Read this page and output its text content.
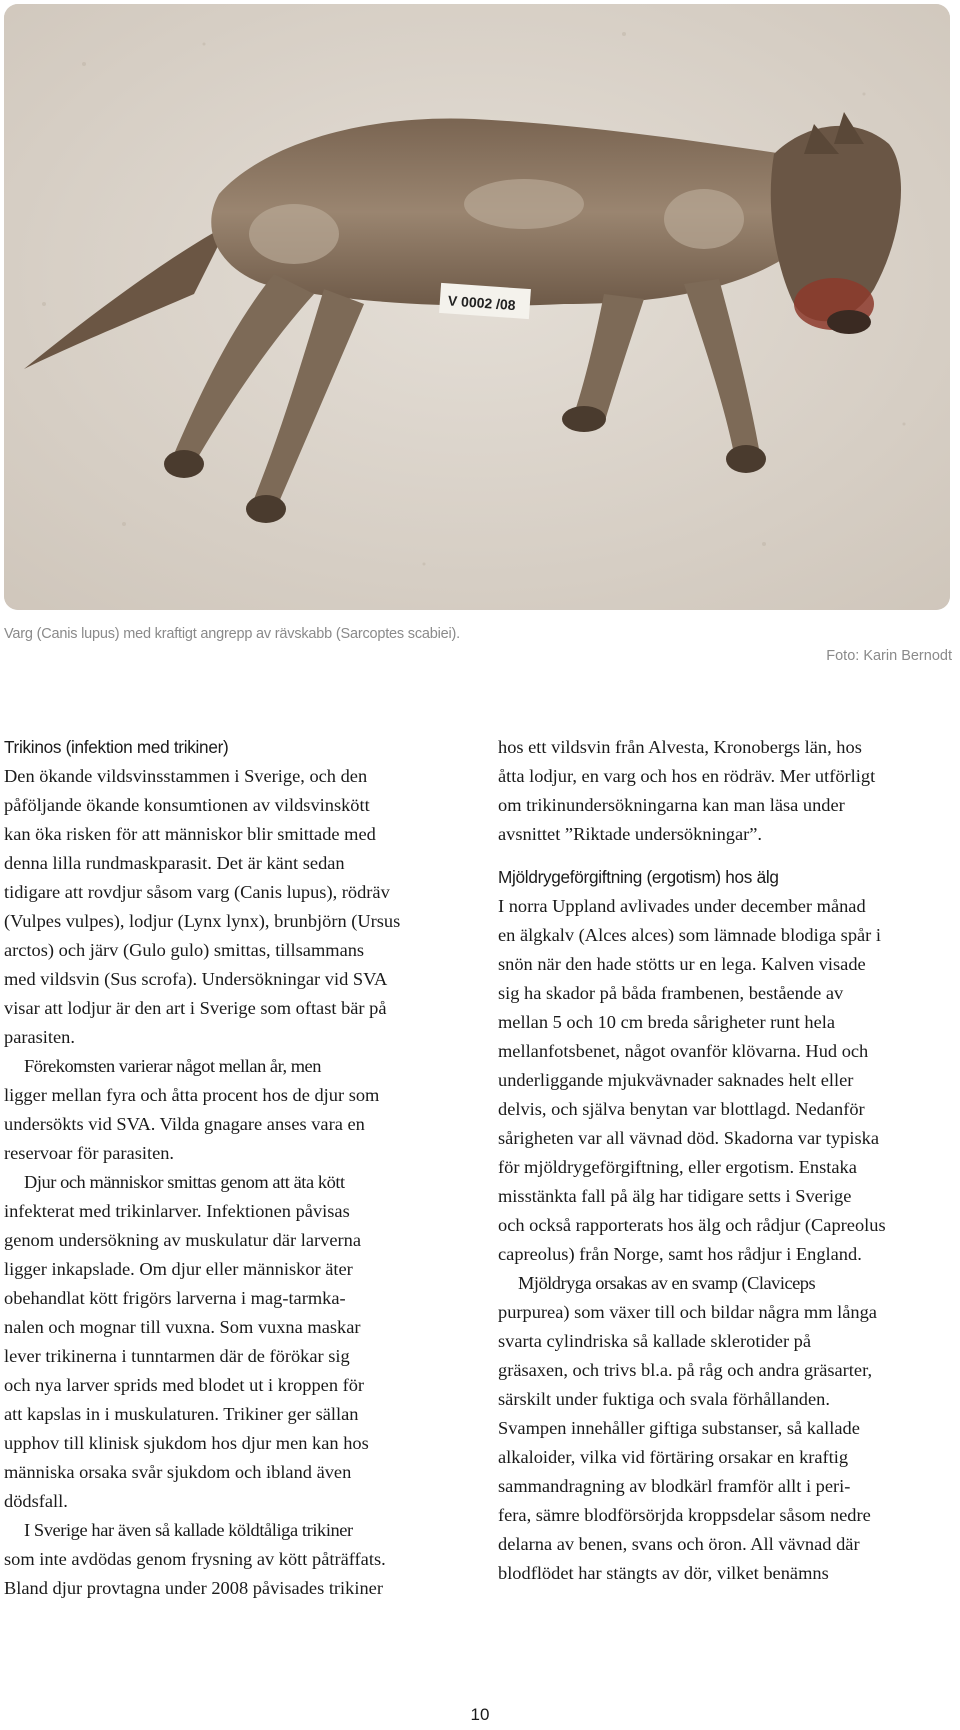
V 0002 /08
Varg (Canis lupus) med kraftigt angrepp av rävskabb (Sarcoptes scabiei).
Foto: Karin Bernodt
Trikinos (infektion med trikiner)
Den ökande vildsvinsstammen i Sverige, och den
påföljande ökande konsumtionen av vildsvinskött
kan öka risken för att människor blir smittade med
denna lilla rundmaskparasit. Det är känt sedan
tidigare att rovdjur såsom varg (Canis lupus), rödräv
(Vulpes vulpes), lodjur (Lynx lynx), brunbjörn (Ursus
arctos) och järv (Gulo gulo) smittas, tillsammans
med vildsvin (Sus scrofa). Undersökningar vid SVA
visar att lodjur är den art i Sverige som oftast bär på
parasiten.
Förekomsten varierar något mellan år, men
ligger mellan fyra och åtta procent hos de djur som
undersökts vid SVA. Vilda gnagare anses vara en
reservoar för parasiten.
Djur och människor smittas genom att äta kött
infekterat med trikinlarver. Infektionen påvisas
genom undersökning av muskulatur där larverna
ligger inkapslade. Om djur eller människor äter
obehandlat kött frigörs larverna i mag-tarmka-
nalen och mognar till vuxna. Som vuxna maskar
lever trikinerna i tunntarmen där de förökar sig
och nya larver sprids med blodet ut i kroppen för
att kapslas in i muskulaturen. Trikiner ger sällan
upphov till klinisk sjukdom hos djur men kan hos
människa orsaka svår sjukdom och ibland även
dödsfall.
I Sverige har även så kallade köldtåliga trikiner
som inte avdödas genom frysning av kött påträffats.
Bland djur provtagna under 2008 påvisades trikiner
hos ett vildsvin från Alvesta, Kronobergs län, hos
åtta lodjur, en varg och hos en rödräv. Mer utförligt
om trikinundersökningarna kan man läsa under
avsnittet ”Riktade undersökningar”.
Mjöldrygeförgiftning (ergotism) hos älg
I norra Uppland avlivades under december månad
en älgkalv (Alces alces) som lämnade blodiga spår i
snön när den hade stötts ur en lega. Kalven visade
sig ha skador på båda frambenen, bestående av
mellan 5 och 10 cm breda sårigheter runt hela
mellanfotsbenet, något ovanför klövarna. Hud och
underliggande mjukvävnader saknades helt eller
delvis, och själva benytan var blottlagd. Nedanför
sårigheten var all vävnad död. Skadorna var typiska
för mjöldrygeförgiftning, eller ergotism. Enstaka
misstänkta fall på älg har tidigare setts i Sverige
och också rapporterats hos älg och rådjur (Capreolus
capreolus) från Norge, samt hos rådjur i England.
Mjöldryga orsakas av en svamp (Claviceps
purpurea) som växer till och bildar några mm långa
svarta cylindriska så kallade sklerotider på
gräsaxen, och trivs bl.a. på råg och andra gräsarter,
särskilt under fuktiga och svala förhållanden.
Svampen innehåller giftiga substanser, så kallade
alkaloider, vilka vid förtäring orsakar en kraftig
sammandragning av blodkärl framför allt i peri-
fera, sämre blodförsörjda kroppsdelar såsom nedre
delarna av benen, svans och öron. All vävnad där
blodflödet har stängts av dör, vilket benämns
10
